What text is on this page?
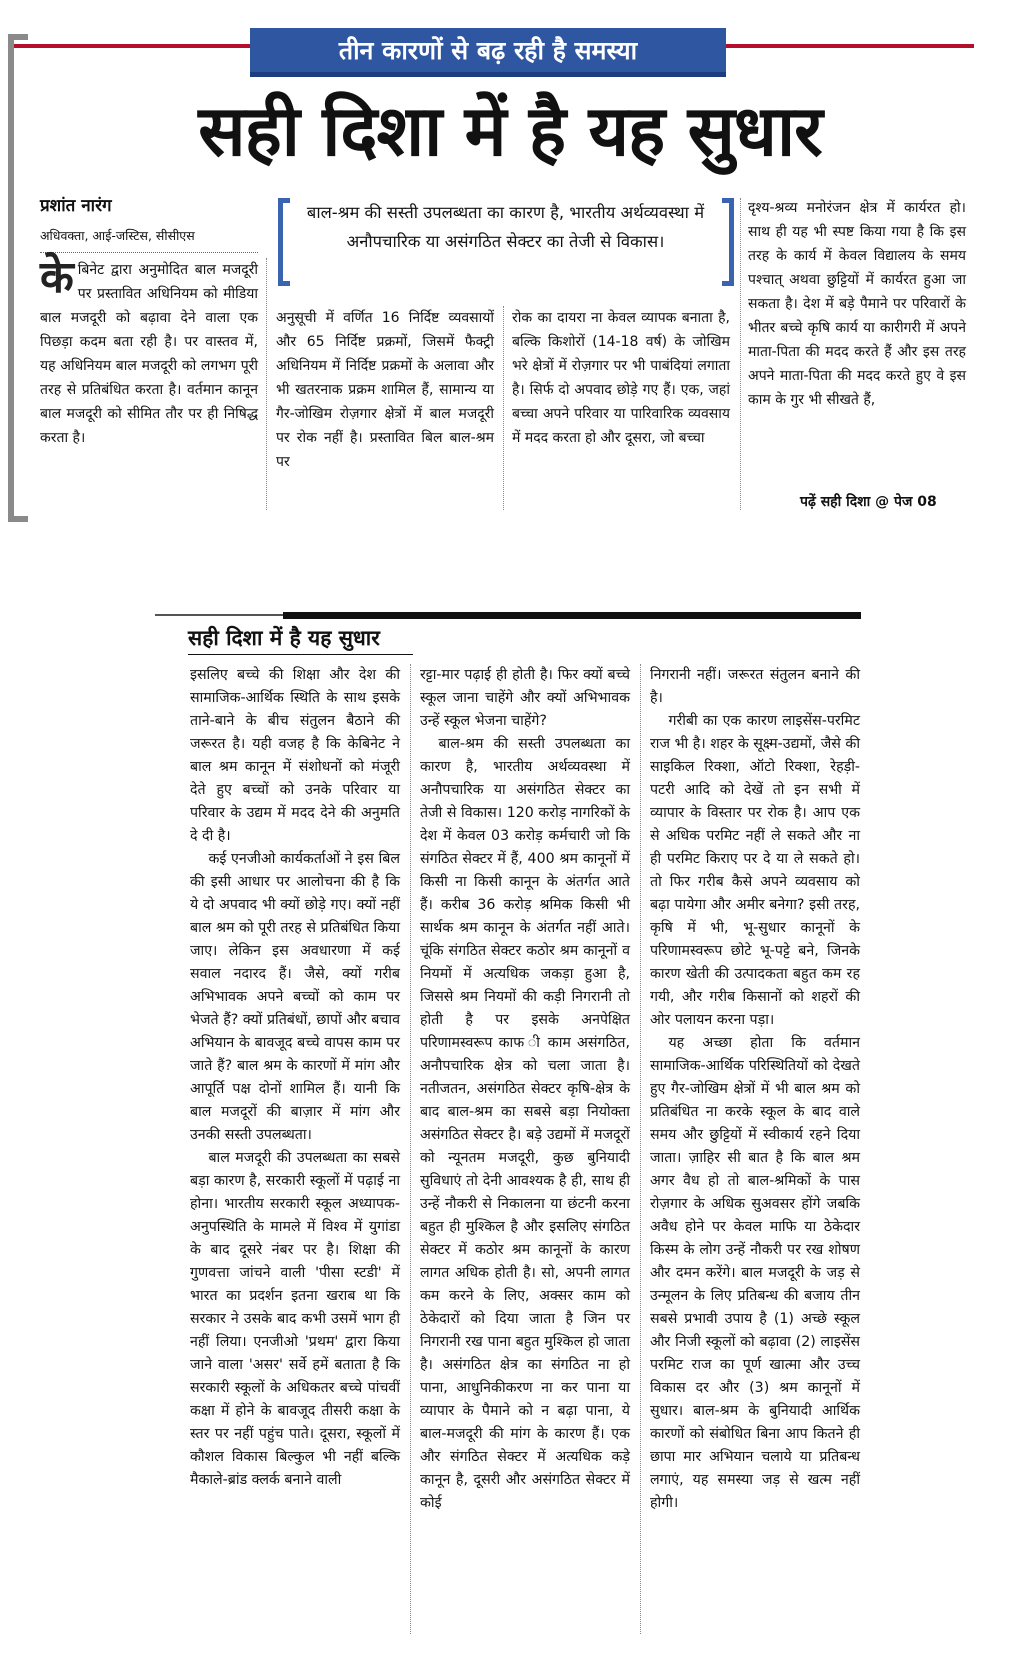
तीन कारणों से बढ़ रही है समस्या
सही दिशा में है यह सुधार
प्रशांत नारंग
अधिवक्ता, आई-जस्टिस, सीसीएस
बाल-श्रम की सस्ती उपलब्धता का कारण है, भारतीय अर्थव्यवस्था में अनौपचारिक या असंगठित सेक्टर का तेजी से विकास।
के बिनेट द्वारा अनुमोदित बाल मजदूरी पर प्रस्तावित अधिनियम को मीडिया बाल मजदूरी को बढ़ावा देने वाला एक पिछड़ा कदम बता रही है। पर वास्तव में, यह अधिनियम बाल मजदूरी को लगभग पूरी तरह से प्रतिबंधित करता है। वर्तमान कानून बाल मजदूरी को सीमित तौर पर ही निषिद्ध करता है।
अनुसूची में वर्णित 16 निर्दिष्ट व्यवसायों और 65 निर्दिष्ट प्रक्रमों, जिसमें फैक्ट्री अधिनियम में निर्दिष्ट प्रक्रमों के अलावा और भी खतरनाक प्रक्रम शामिल हैं, सामान्य या गैर-जोखिम रोज़गार क्षेत्रों में बाल मजदूरी पर रोक नहीं है। प्रस्तावित बिल बाल-श्रम पर
रोक का दायरा ना केवल व्यापक बनाता है, बल्कि किशोरों (14-18 वर्ष) के जोखिम भरे क्षेत्रों में रोज़गार पर भी पाबंदियां लगाता है। सिर्फ दो अपवाद छोड़े गए हैं। एक, जहां बच्चा अपने परिवार या पारिवारिक व्यवसाय में मदद करता हो और दूसरा, जो बच्चा
दृश्य-श्रव्य मनोरंजन क्षेत्र में कार्यरत हो। साथ ही यह भी स्पष्ट किया गया है कि इस तरह के कार्य में केवल विद्यालय के समय पश्चात् अथवा छुट्टियों में कार्यरत हुआ जा सकता है। देश में बड़े पैमाने पर परिवारों के भीतर बच्चे कृषि कार्य या कारीगरी में अपने माता-पिता की मदद करते हैं और इस तरह अपने माता-पिता की मदद करते हुए वे इस काम के गुर भी सीखते हैं,
पढ़ें सही दिशा @ पेज 08
सही दिशा में है यह सुधार

इसलिए बच्चे की शिक्षा और देश की सामाजिक-आर्थिक स्थिति के साथ इसके ताने-बाने के बीच संतुलन बैठाने की जरूरत है। यही वजह है कि केबिनेट ने बाल श्रम कानून में संशोधनों को मंजूरी देते हुए बच्चों को उनके परिवार या परिवार के उद्यम में मदद देने की अनुमति दे दी है।

कई एनजीओ कार्यकर्ताओं ने इस बिल की इसी आधार पर आलोचना की है कि ये दो अपवाद भी क्यों छोड़े गए। क्यों नहीं बाल श्रम को पूरी तरह से प्रतिबंधित किया जाए। लेकिन इस अवधारणा में कई सवाल नदारद हैं। जैसे, क्यों गरीब अभिभावक अपने बच्चों को काम पर भेजते हैं? क्यों प्रतिबंधों, छापों और बचाव अभियान के बावजूद बच्चे वापस काम पर जाते हैं? बाल श्रम के कारणों में मांग और आपूर्ति पक्ष दोनों शामिल हैं। यानी कि बाल मजदूरों की बाज़ार में मांग और उनकी सस्ती उपलब्धता।

बाल मजदूरी की उपलब्धता का सबसे बड़ा कारण है, सरकारी स्कूलों में पढ़ाई ना होना। भारतीय सरकारी स्कूल अध्यापक-अनुपस्थिति के मामले में विश्व में युगांडा के बाद दूसरे नंबर पर है। शिक्षा की गुणवत्ता जांचने वाली 'पीसा स्टडी' में भारत का प्रदर्शन इतना खराब था कि सरकार ने उसके बाद कभी उसमें भाग ही नहीं लिया। एनजीओ 'प्रथम' द्वारा किया जाने वाला 'असर' सर्वे हमें बताता है कि सरकारी स्कूलों के अधिकतर बच्चे पांचवीं कक्षा में होने के बावजूद तीसरी कक्षा के स्तर पर नहीं पहुंच पाते। दूसरा, स्कूलों में कौशल विकास बिल्कुल भी नहीं बल्कि मैकाले-ब्रांड क्लर्क बनाने वाली

रट्टा-मार पढ़ाई ही होती है। फिर क्यों बच्चे स्कूल जाना चाहेंगे और क्यों अभिभावक उन्हें स्कूल भेजना चाहेंगे?

बाल-श्रम की सस्ती उपलब्धता का कारण है, भारतीय अर्थव्यवस्था में अनौपचारिक या असंगठित सेक्टर का तेजी से विकास। 120 करोड़ नागरिकों के देश में केवल 03 करोड़ कर्मचारी जो कि संगठित सेक्टर में हैं, 400 श्रम कानूनों में किसी ना किसी कानून के अंतर्गत आते हैं। करीब 36 करोड़ श्रमिक किसी भी सार्थक श्रम कानून के अंतर्गत नहीं आते। चूंकि संगठित सेक्टर कठोर श्रम कानूनों व नियमों में अत्यधिक जकड़ा हुआ है, जिससे श्रम नियमों की कड़ी निगरानी तो होती है पर इसके अनपेक्षित परिणामस्वरूप काफ ी काम असंगठित, अनौपचारिक क्षेत्र को चला जाता है। नतीजतन, असंगठित सेक्टर कृषि-क्षेत्र के बाद बाल-श्रम का सबसे बड़ा नियोक्ता असंगठित सेक्टर है। बड़े उद्यमों में मजदूरों को न्यूनतम मजदूरी, कुछ बुनियादी सुविधाएं तो देनी आवश्यक है ही, साथ ही उन्हें नौकरी से निकालना या छंटनी करना बहुत ही मुश्किल है और इसलिए संगठित सेक्टर में कठोर श्रम कानूनों के कारण लागत अधिक होती है। सो, अपनी लागत कम करने के लिए, अक्सर काम को ठेकेदारों को दिया जाता है जिन पर निगरानी रख पाना बहुत मुश्किल हो जाता है। असंगठित क्षेत्र का संगठित ना हो पाना, आधुनिकीकरण ना कर पाना या व्यापार के पैमाने को न बढ़ा पाना, ये बाल-मजदूरी की मांग के कारण हैं। एक और संगठित सेक्टर में अत्यधिक कड़े कानून है, दूसरी और असंगठित सेक्टर में कोई

निगरानी नहीं। जरूरत संतुलन बनाने की है।

गरीबी का एक कारण लाइसेंस-परमिट राज भी है। शहर के सूक्ष्म-उद्यमों, जैसे की साइकिल रिक्शा, ऑटो रिक्शा, रेहड़ी-पटरी आदि को देखें तो इन सभी में व्यापार के विस्तार पर रोक है। आप एक से अधिक परमिट नहीं ले सकते और ना ही परमिट किराए पर दे या ले सकते हो। तो फिर गरीब कैसे अपने व्यवसाय को बढ़ा पायेगा और अमीर बनेगा? इसी तरह, कृषि में भी, भू-सुधार कानूनों के परिणामस्वरूप छोटे भू-पट्टे बने, जिनके कारण खेती की उत्पादकता बहुत कम रह गयी, और गरीब किसानों को शहरों की ओर पलायन करना पड़ा।

यह अच्छा होता कि वर्तमान सामाजिक-आर्थिक परिस्थितियों को देखते हुए गैर-जोखिम क्षेत्रों में भी बाल श्रम को प्रतिबंधित ना करके स्कूल के बाद वाले समय और छुट्टियों में स्वीकार्य रहने दिया जाता। ज़ाहिर सी बात है कि बाल श्रम अगर वैध हो तो बाल-श्रमिकों के पास रोज़गार के अधिक सुअवसर होंगे जबकि अवैध होने पर केवल माफि या ठेकेदार किस्म के लोग उन्हें नौकरी पर रख शोषण और दमन करेंगे। बाल मजदूरी के जड़ से उन्मूलन के लिए प्रतिबन्ध की बजाय तीन सबसे प्रभावी उपाय है (1) अच्छे स्कूल और निजी स्कूलों को बढ़ावा (2) लाइसेंस परमिट राज का पूर्ण खात्मा और उच्च विकास दर और (3) श्रम कानूनों में सुधार। बाल-श्रम के बुनियादी आर्थिक कारणों को संबोधित बिना आप कितने ही छापा मार अभियान चलाये या प्रतिबन्ध लगाएं, यह समस्या जड़ से खत्म नहीं होगी।
